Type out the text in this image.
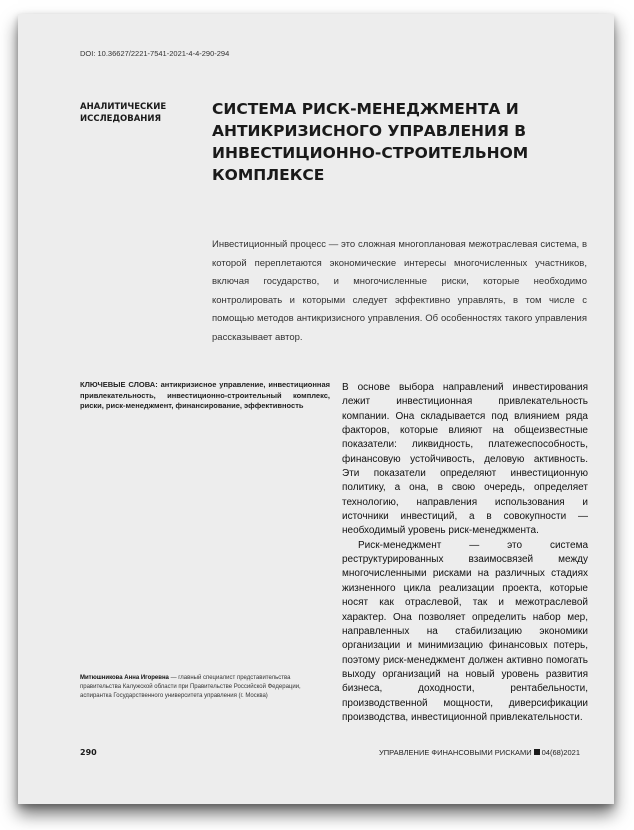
DOI: 10.36627/2221-7541-2021-4-4-290-294
АНАЛИТИЧЕСКИЕ ИССЛЕДОВАНИЯ
СИСТЕМА РИСК-МЕНЕДЖМЕНТА И АНТИКРИЗИСНОГО УПРАВЛЕНИЯ В ИНВЕСТИЦИОННО-СТРОИТЕЛЬНОМ КОМПЛЕКСЕ
Инвестиционный процесс — это сложная многоплановая межотраслевая система, в которой переплетаются экономические интересы многочисленных участников, включая государство, и многочисленные риски, которые необходимо контролировать и которыми следует эффективно управлять, в том числе с помощью методов антикризисного управления. Об особенностях такого управления рассказывает автор.
КЛЮЧЕВЫЕ СЛОВА: антикризисное управление, инвестиционная привлекательность, инвестиционно-строительный комплекс, риски, риск-менеджмент, финансирование, эффективность
Митюшникова Анна Игоревна — главный специалист представительства правительства Калужской области при Правительстве Российской Федерации, аспирантка Государственного университета управления (г. Москва)

В основе выбора направлений инвестирования лежит инвестиционная привлекательность компании. Она складывается под влиянием ряда факторов, которые влияют на общеизвестные показатели: ликвидность, платежеспособность, финансовую устойчивость, деловую активность. Эти показатели определяют инвестиционную политику, а она, в свою очередь, определяет технологию, направления использования и источники инвестиций, а в совокупности — необходимый уровень риск-менеджмента.

Риск-менеджмент — это система реструктурированных взаимосвязей между многочисленными рисками на различных стадиях жизненного цикла реализации проекта, которые носят как отраслевой, так и межотраслевой характер. Она позволяет определить набор мер, направленных на стабилизацию экономики организации и минимизацию финансовых потерь, поэтому риск-менеджмент должен активно помогать выходу организаций на новый уровень развития бизнеса, доходности, рентабельности, производственной мощности, диверсификации производства, инвестиционной привлекательности.

290	УПРАВЛЕНИЕ ФИНАНСОВЫМИ РИСКАМИ 04(68)2021
